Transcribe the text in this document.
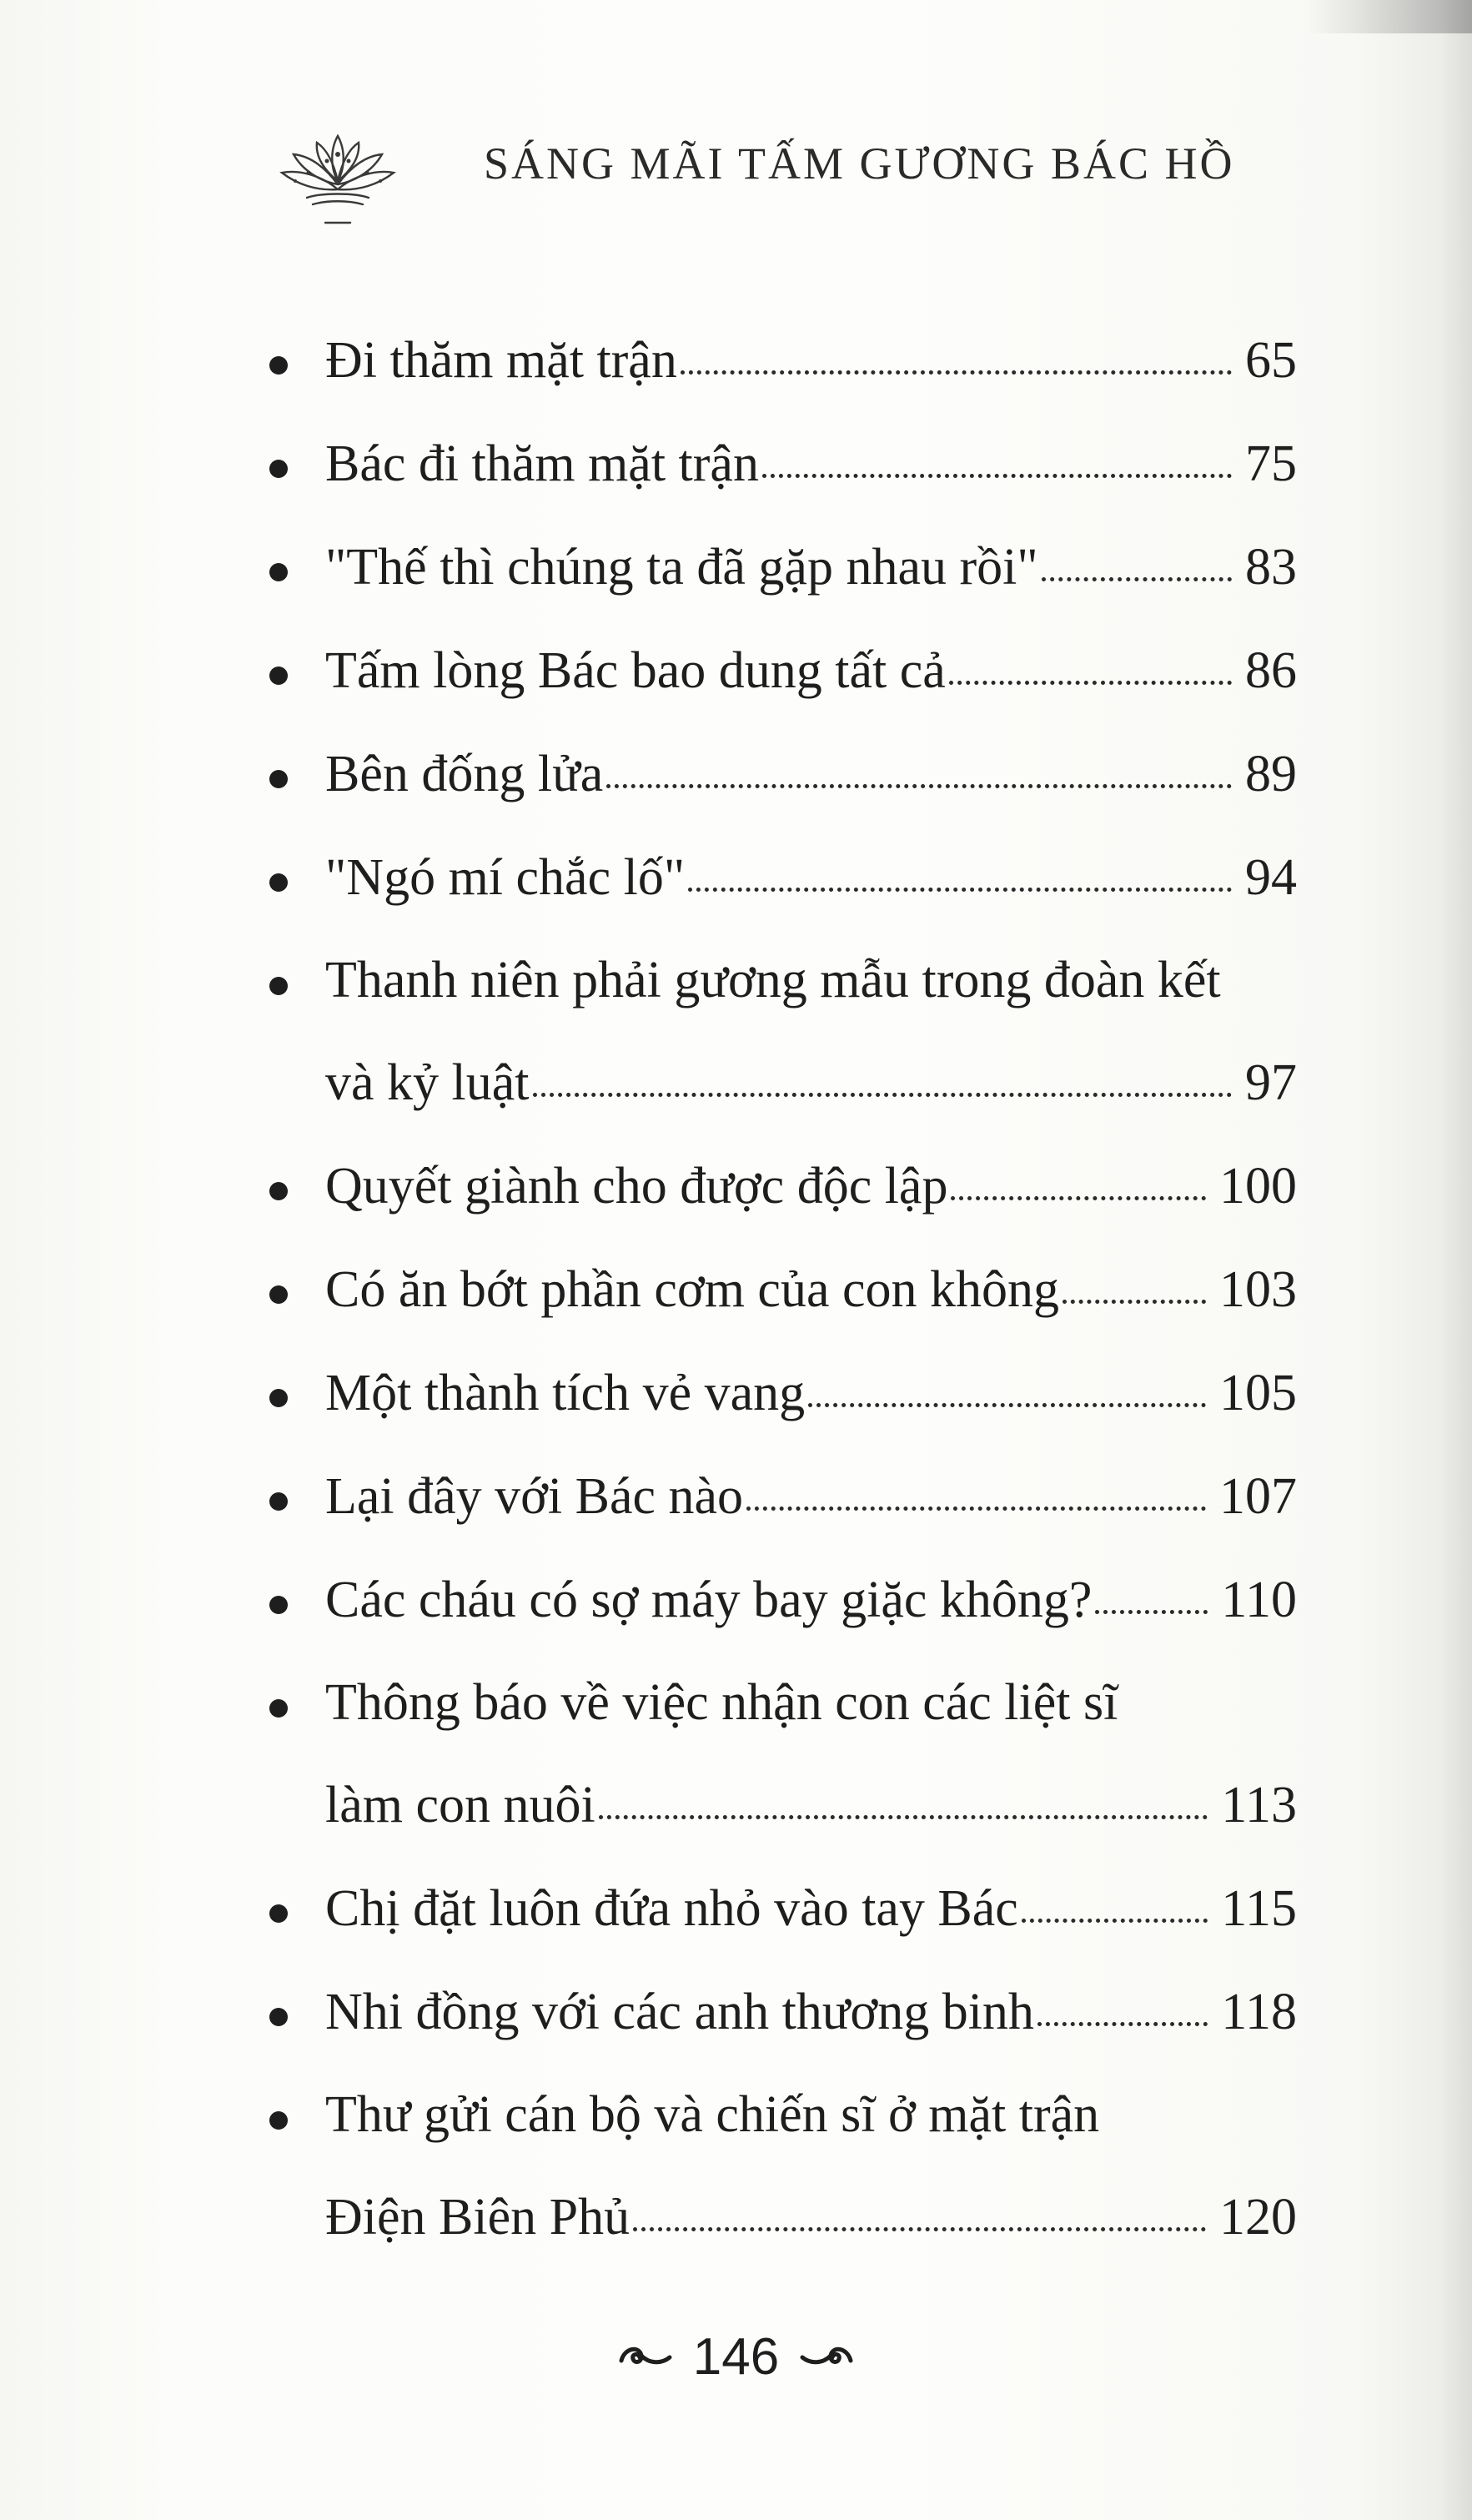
SÁNG MÃI TẤM GƯƠNG BÁC HỒ
Đi thăm mặt trận	65
Bác đi thăm mặt trận	75
"Thế thì chúng ta đã gặp nhau rồi"	83
Tấm lòng Bác bao dung tất cả	86
Bên đống lửa	89
"Ngó mí chắc lố"	94
Thanh niên phải gương mẫu trong đoàn kết
và kỷ luật	97
Quyết giành cho được độc lập	100
Có ăn bớt phần cơm của con không	103
Một thành tích vẻ vang	105
Lại đây với Bác nào	107
Các cháu có sợ máy bay giặc không? 110
Thông báo về việc nhận con các liệt sĩ
làm con nuôi	113
Chị đặt luôn đứa nhỏ vào tay Bác	115
Nhi đồng với các anh thương binh	118
Thư gửi cán bộ và chiến sĩ ở mặt trận
Điện Biên Phủ	120
146
